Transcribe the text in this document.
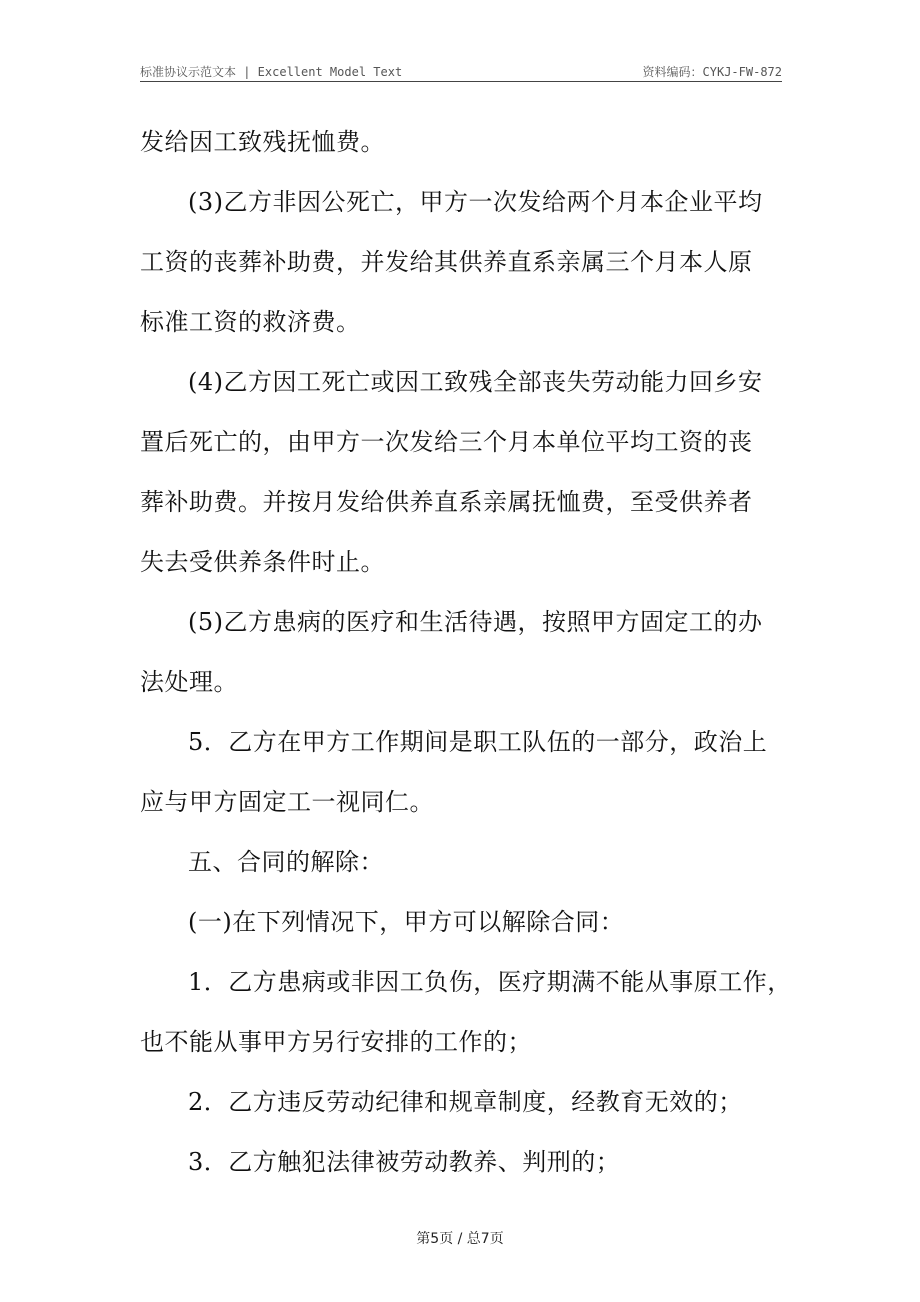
标准协议示范文本 | Excellent Model Text	资料编码：CYKJ-FW-872

发给因工致残抚恤费。

(3)乙方非因公死亡，甲方一次发给两个月本企业平均

工资的丧葬补助费，并发给其供养直系亲属三个月本人原

标准工资的救济费。

(4)乙方因工死亡或因工致残全部丧失劳动能力回乡安

置后死亡的，由甲方一次发给三个月本单位平均工资的丧

葬补助费。并按月发给供养直系亲属抚恤费，至受供养者

失去受供养条件时止。

(5)乙方患病的医疗和生活待遇，按照甲方固定工的办

法处理。

5．乙方在甲方工作期间是职工队伍的一部分，政治上

应与甲方固定工一视同仁。

五、合同的解除：

(一)在下列情况下，甲方可以解除合同：

1．乙方患病或非因工负伤，医疗期满不能从事原工作，

也不能从事甲方另行安排的工作的；

2．乙方违反劳动纪律和规章制度，经教育无效的；

3．乙方触犯法律被劳动教养、判刑的；

第5页 / 总7页
